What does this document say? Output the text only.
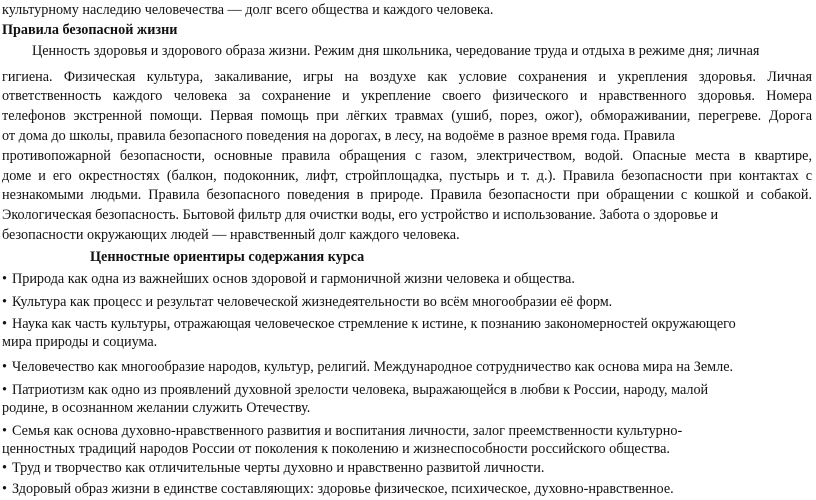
культурному наследию человечества — долг всего общества и каждого человека.
Правила безопасной жизни
Ценность здоровья и здорового образа жизни. Режим дня школьника, чередование труда и отдыха в режиме дня; личная
гигиена. Физическая культура, закаливание, игры на воздухе как условие сохранения и укрепления здоровья. Личная
ответственность каждого человека за сохранение и укрепление своего физического и нравственного здоровья. Номера
телефонов экстренной помощи. Первая помощь при лёгких травмах (ушиб, порез, ожог), обмораживании, перегреве. Дорога
от дома до школы, правила безопасного поведения на дорогах, в лесу, на водоёме в разное время года. Правила
противопожарной безопасности, основные правила обращения с газом, электричеством, водой. Опасные места в квартире,
доме и его окрестностях (балкон, подоконник, лифт, стройплощадка, пустырь и т. д.). Правила безопасности при контактах с
незнакомыми людьми. Правила безопасного поведения в природе. Правила безопасности при обращении с кошкой и собакой.
Экологическая безопасность. Бытовой фильтр для очистки воды, его устройство и использование. Забота о здоровье и
безопасности окружающих людей — нравственный долг каждого человека.
Ценностные ориентиры содержания курса
• Природа как одна из важнейших основ здоровой и гармоничной жизни человека и общества.
• Культура как процесс и результат человеческой жизнедеятельности во всём многообразии её форм.
• Наука как часть культуры, отражающая человеческое стремление к истине, к познанию закономерностей окружающего
мира природы и социума.
• Человечество как многообразие народов, культур, религий. Международное сотрудничество как основа мира на Земле.
• Патриотизм как одно из проявлений духовной зрелости человека, выражающейся в любви к России, народу, малой
родине, в осознанном желании служить Отечеству.
• Семья как основа духовно-нравственного развития и воспитания личности, залог преемственности культурно-
ценностных традиций народов России от поколения к поколению и жизнеспособности российского общества.
• Труд и творчество как отличительные черты духовно и нравственно развитой личности.
• Здоровый образ жизни в единстве составляющих: здоровье физическое, психическое, духовно-нравственное.
